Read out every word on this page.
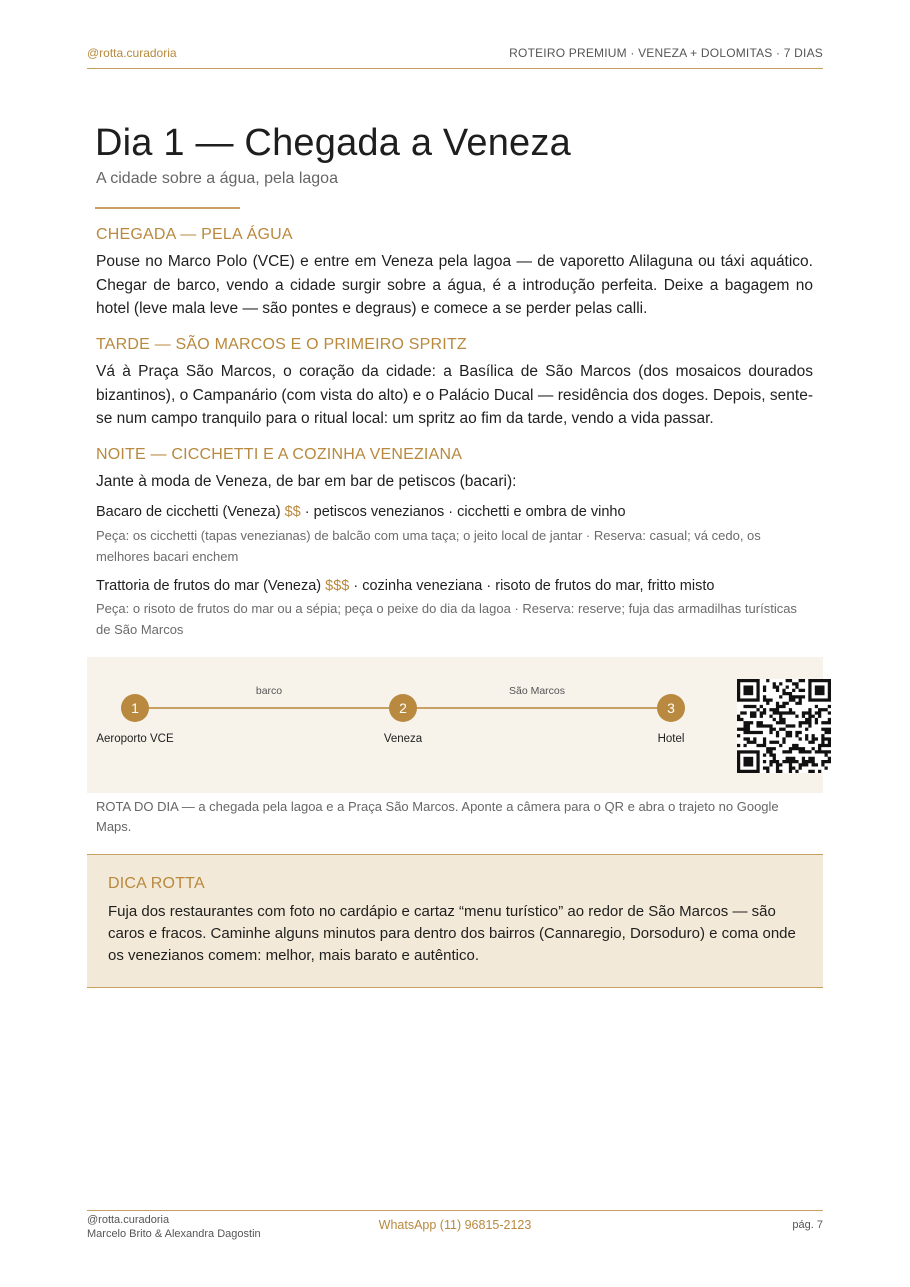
@rotta.curadoria	ROTEIRO PREMIUM · VENEZA + DOLOMITAS · 7 DIAS
Dia 1 — Chegada a Veneza
A cidade sobre a água, pela lagoa
CHEGADA — PELA ÁGUA
Pouse no Marco Polo (VCE) e entre em Veneza pela lagoa — de vaporetto Alilaguna ou táxi aquático. Chegar de barco, vendo a cidade surgir sobre a água, é a introdução perfeita. Deixe a bagagem no hotel (leve mala leve — são pontes e degraus) e comece a se perder pelas calli.
TARDE — SÃO MARCOS E O PRIMEIRO SPRITZ
Vá à Praça São Marcos, o coração da cidade: a Basílica de São Marcos (dos mosaicos dourados bizantinos), o Campanário (com vista do alto) e o Palácio Ducal — residência dos doges. Depois, sente-se num campo tranquilo para o ritual local: um spritz ao fim da tarde, vendo a vida passar.
NOITE — CICCHETTI E A COZINHA VENEZIANA
Jante à moda de Veneza, de bar em bar de petiscos (bacari):
Bacaro de cicchetti (Veneza) $$ · petiscos venezianos · cicchetti e ombra de vinho
Peça: os cicchetti (tapas venezianas) de balcão com uma taça; o jeito local de jantar · Reserva: casual; vá cedo, os melhores bacari enchem
Trattoria de frutos do mar (Veneza) $$$ · cozinha veneziana · risoto de frutos do mar, fritto misto
Peça: o risoto de frutos do mar ou a sépia; peça o peixe do dia da lagoa · Reserva: reserve; fuja das armadilhas turísticas de São Marcos
barco	São Marcos
1	2	3
Aeroporto VCE	Veneza	Hotel
ROTA DO DIA — a chegada pela lagoa e a Praça São Marcos. Aponte a câmera para o QR e abra o trajeto no Google Maps.
DICA ROTTA
Fuja dos restaurantes com foto no cardápio e cartaz “menu turístico” ao redor de São Marcos — são caros e fracos. Caminhe alguns minutos para dentro dos bairros (Cannaregio, Dorsoduro) e coma onde os venezianos comem: melhor, mais barato e autêntico.
@rotta.curadoria
Marcelo Brito & Alexandra Dagostin
WhatsApp (11) 96815-2123	pág. 7
